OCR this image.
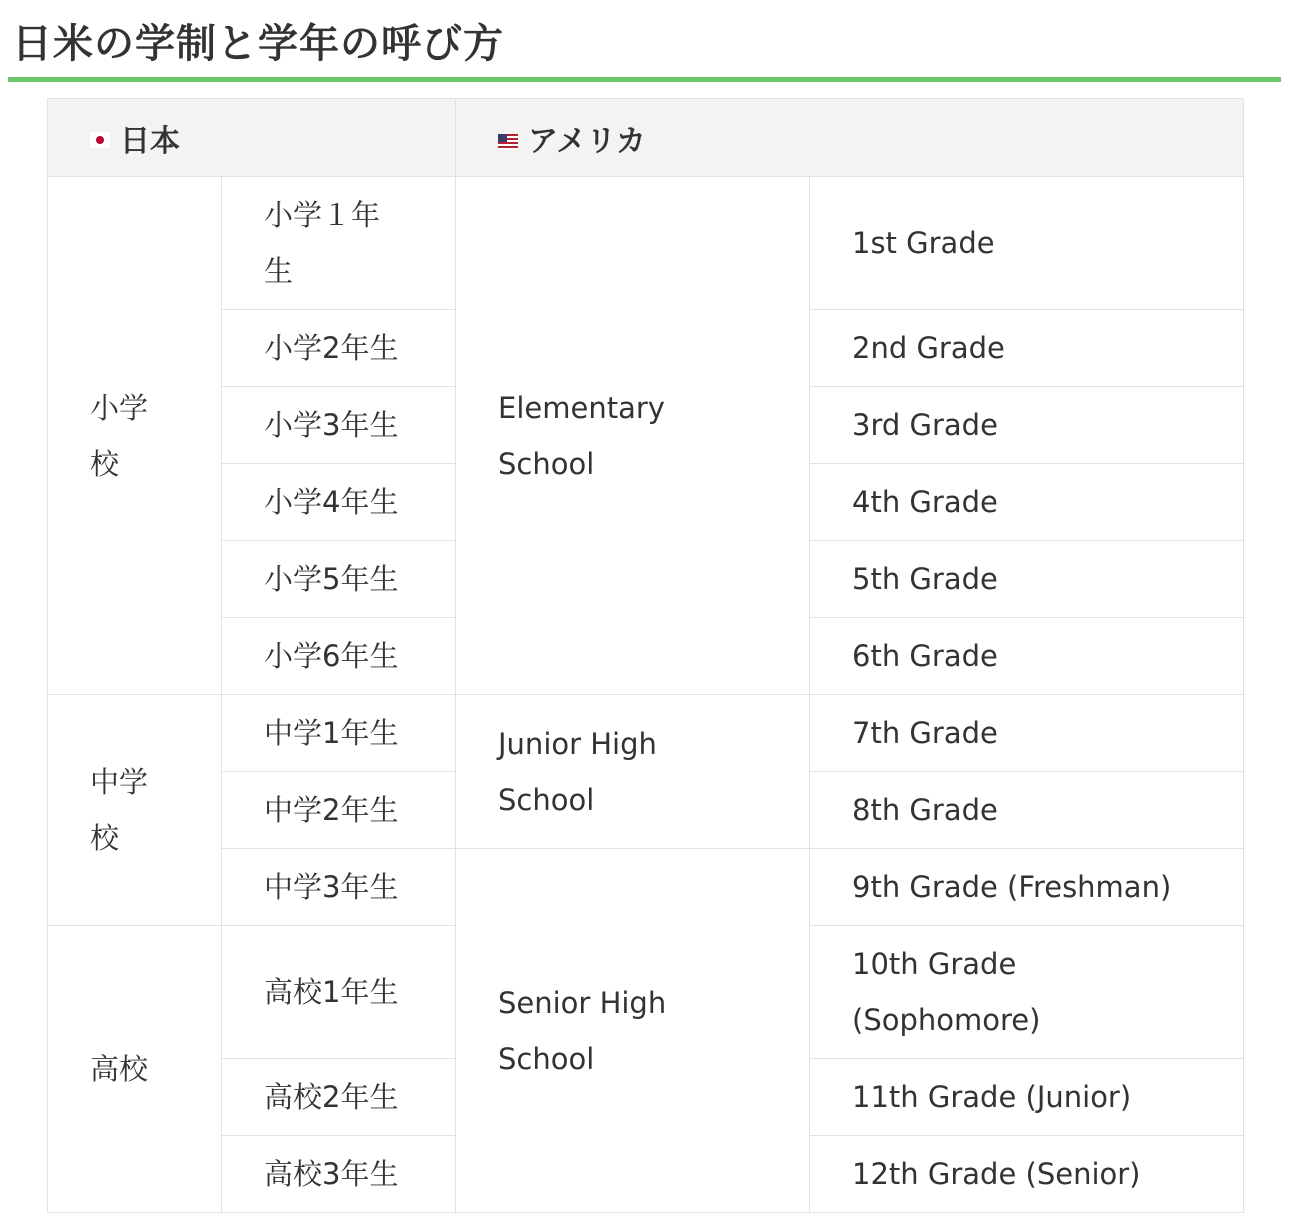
日米の学制と学年の呼び方
日本		アメリカ	
小学校	小学１年生	Elementary School	1st Grade
	小学2年生		2nd Grade
	小学3年生		3rd Grade
	小学4年生		4th Grade
	小学5年生		5th Grade
	小学6年生		6th Grade
中学校	中学1年生	Junior High School	7th Grade
	中学2年生		8th Grade
	中学3年生	Senior High School	9th Grade (Freshman)
高校	高校1年生		10th Grade (Sophomore)
	高校2年生		11th Grade (Junior)
	高校3年生		12th Grade (Senior)
